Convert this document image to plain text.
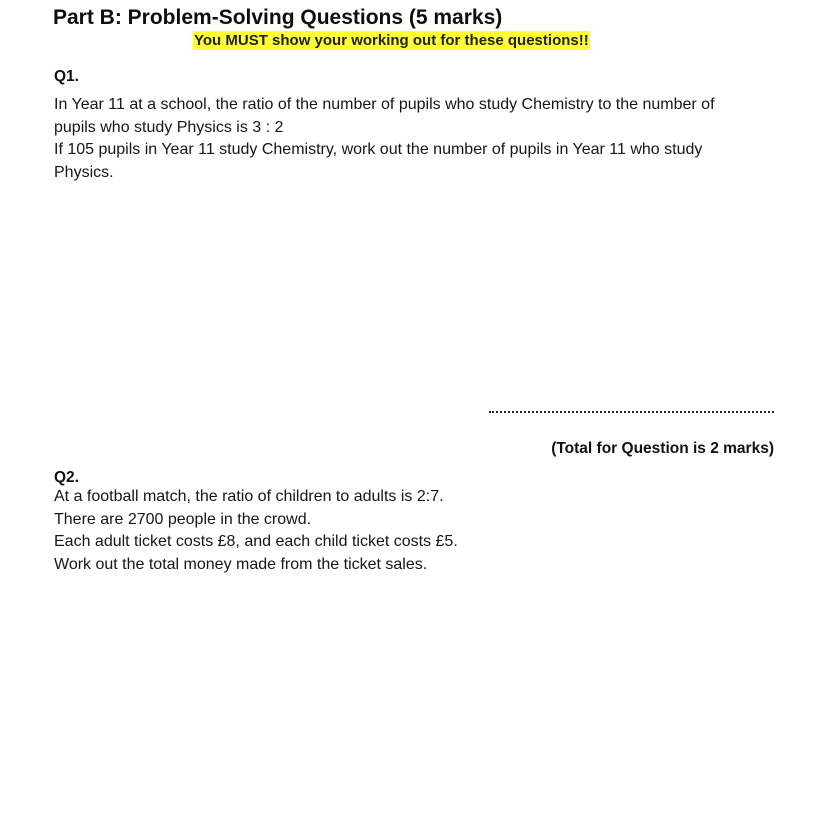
Part B: Problem-Solving Questions (5 marks)
You MUST show your working out for these questions!!
Q1.
In Year 11 at a school, the ratio of the number of pupils who study Chemistry to the number of
pupils who study Physics is 3 : 2
If 105 pupils in Year 11 study Chemistry, work out the number of pupils in Year 11 who study
Physics.
(Total for Question is 2 marks)
Q2.
At a football match, the ratio of children to adults is 2:7.
There are 2700 people in the crowd.
Each adult ticket costs £8, and each child ticket costs £5.
Work out the total money made from the ticket sales.
